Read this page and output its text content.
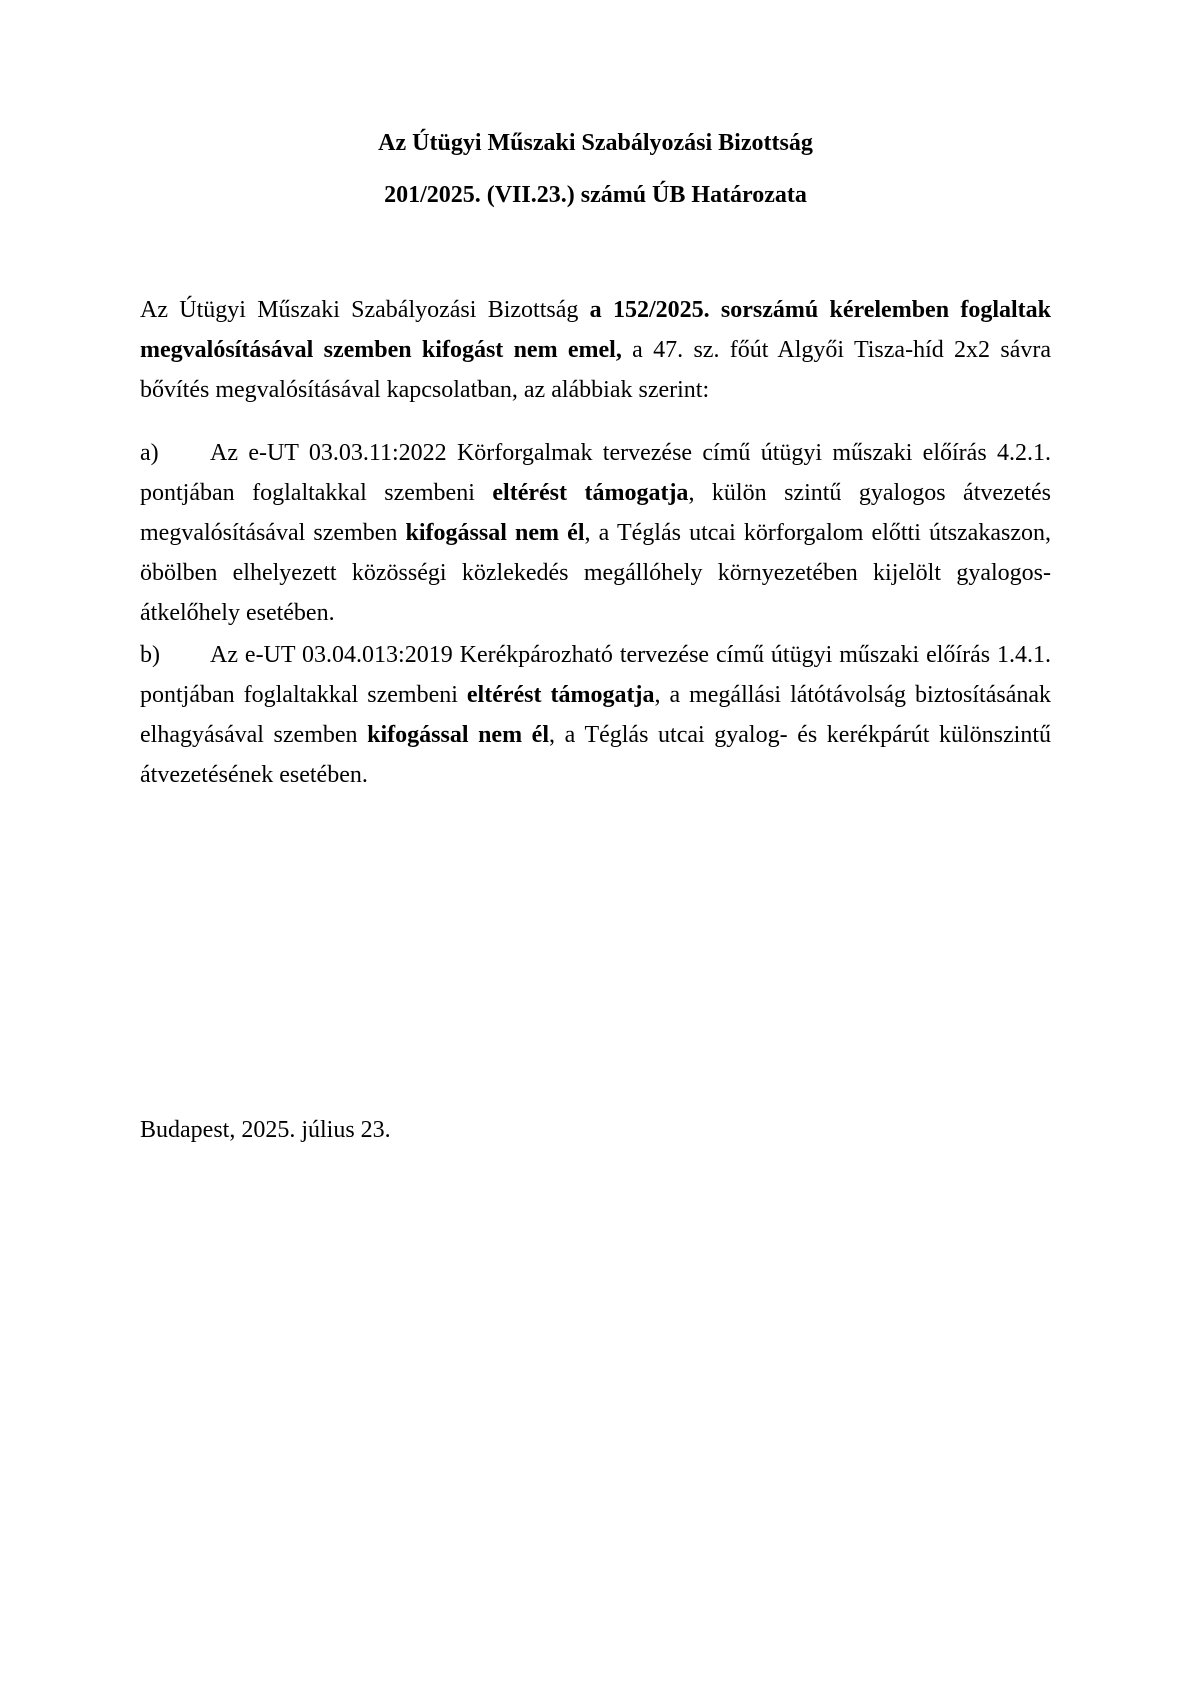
Az Útügyi Műszaki Szabályozási Bizottság

201/2025. (VII.23.) számú ÚB Határozata

Az Útügyi Műszaki Szabályozási Bizottság a 152/2025. sorszámú kérelemben foglaltak megvalósításával szemben kifogást nem emel, a 47. sz. főút Algyői Tisza-híd 2x2 sávra bővítés megvalósításával kapcsolatban, az alábbiak szerint:

a) Az e-UT 03.03.11:2022 Körforgalmak tervezése című útügyi műszaki előírás 4.2.1. pontjában foglaltakkal szembeni eltérést támogatja, külön szintű gyalogos átvezetés megvalósításával szemben kifogással nem él, a Téglás utcai körforgalom előtti útszakaszon, öbölben elhelyezett közösségi közlekedés megállóhely környezetében kijelölt gyalogos-átkelőhely esetében.

b) Az e-UT 03.04.013:2019 Kerékpározható tervezése című útügyi műszaki előírás 1.4.1. pontjában foglaltakkal szembeni eltérést támogatja, a megállási látótávolság biztosításának elhagyásával szemben kifogással nem él, a Téglás utcai gyalog- és kerékpárút különszintű átvezetésének esetében.

Budapest, 2025. július 23.
